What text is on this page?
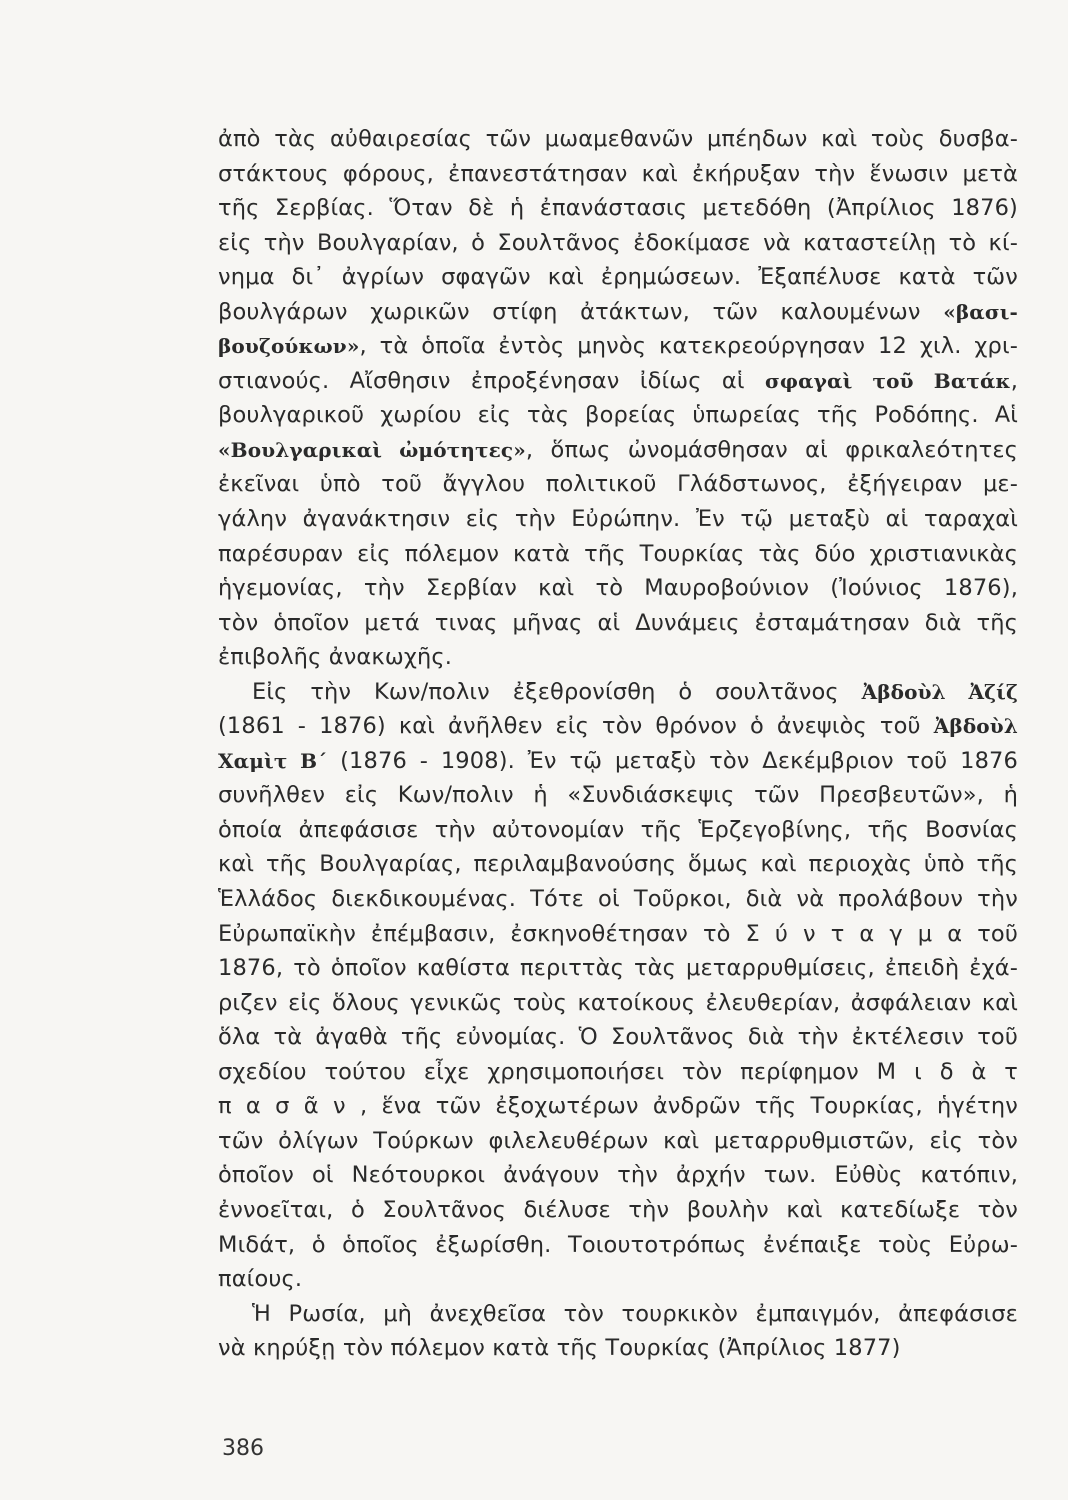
ἀπὸ τὰς αὐθαιρεσίας τῶν μωαμεθανῶν μπέηδων καὶ τοὺς δυσβα-
στάκτους φόρους, ἐπανεστάτησαν καὶ ἐκήρυξαν τὴν ἕνωσιν μετὰ
τῆς Σερβίας. Ὅταν δὲ ἡ ἐπανάστασις μετεδόθη (Ἀπρίλιος 1876)
εἰς τὴν Βουλγαρίαν, ὁ Σουλτᾶνος ἐδοκίμασε νὰ καταστείλῃ τὸ κί-
νημα δι᾽ ἀγρίων σφαγῶν καὶ ἐρημώσεων. Ἐξαπέλυσε κατὰ τῶν
βουλγάρων χωρικῶν στίφη ἀτάκτων, τῶν καλουμένων «βασι-
βουζούκων», τὰ ὁποῖα ἐντὸς μηνὸς κατεκρεούργησαν 12 χιλ. χρι-
στιανούς. Αἴσθησιν ἐπροξένησαν ἰδίως αἱ σφαγαὶ τοῦ Βατάκ,
βουλγαρικοῦ χωρίου εἰς τὰς βορείας ὑπωρείας τῆς Ροδόπης. Αἱ
«Βουλγαρικαὶ ὠμότητες», ὅπως ὠνομάσθησαν αἱ φρικαλεότητες
ἐκεῖναι ὑπὸ τοῦ ἄγγλου πολιτικοῦ Γλάδστωνος, ἐξήγειραν με-
γάλην ἀγανάκτησιν εἰς τὴν Εὐρώπην. Ἐν τῷ μεταξὺ αἱ ταραχαὶ
παρέσυραν εἰς πόλεμον κατὰ τῆς Τουρκίας τὰς δύο χριστιανικὰς
ἡγεμονίας, τὴν Σερβίαν καὶ τὸ Μαυροβούνιον (Ἰούνιος 1876),
τὸν ὁποῖον μετά τινας μῆνας αἱ Δυνάμεις ἐσταμάτησαν διὰ τῆς
ἐπιβολῆς ἀνακωχῆς.
Εἰς τὴν Κων/πολιν ἐξεθρονίσθη ὁ σουλτᾶνος Ἀβδοὺλ Ἀζίζ
(1861 - 1876) καὶ ἀνῆλθεν εἰς τὸν θρόνον ὁ ἀνεψιὸς τοῦ Ἀβδοὺλ
Χαμὶτ Β΄ (1876 - 1908). Ἐν τῷ μεταξὺ τὸν Δεκέμβριον τοῦ 1876
συνῆλθεν εἰς Κων/πολιν ἡ «Συνδιάσκεψις τῶν Πρεσβευτῶν», ἡ
ὁποία ἀπεφάσισε τὴν αὐτονομίαν τῆς Ἑρζεγοβίνης, τῆς Βοσνίας
καὶ τῆς Βουλγαρίας, περιλαμβανούσης ὅμως καὶ περιοχὰς ὑπὸ τῆς
Ἑλλάδος διεκδικουμένας. Τότε οἱ Τοῦρκοι, διὰ νὰ προλάβουν τὴν
Εὐρωπαϊκὴν ἐπέμβασιν, ἐσκηνοθέτησαν τὸ Σ ύ ν τ α γ μ α τοῦ
1876, τὸ ὁποῖον καθίστα περιττὰς τὰς μεταρρυθμίσεις, ἐπειδὴ ἐχά-
ριζεν εἰς ὅλους γενικῶς τοὺς κατοίκους ἐλευθερίαν, ἀσφάλειαν καὶ
ὅλα τὰ ἀγαθὰ τῆς εὐνομίας. Ὁ Σουλτᾶνος διὰ τὴν ἐκτέλεσιν τοῦ
σχεδίου τούτου εἶχε χρησιμοποιήσει τὸν περίφημον Μ ι δ ὰ τ
π α σ ᾶ ν , ἕνα τῶν ἐξοχωτέρων ἀνδρῶν τῆς Τουρκίας, ἡγέτην
τῶν ὀλίγων Τούρκων φιλελευθέρων καὶ μεταρρυθμιστῶν, εἰς τὸν
ὁποῖον οἱ Νεότουρκοι ἀνάγουν τὴν ἀρχήν των. Εὐθὺς κατόπιν,
ἐννοεῖται, ὁ Σουλτᾶνος διέλυσε τὴν βουλὴν καὶ κατεδίωξε τὸν
Μιδάτ, ὁ ὁποῖος ἐξωρίσθη. Τοιουτοτρόπως ἐνέπαιξε τοὺς Εὐρω-
παίους.
Ἡ Ρωσία, μὴ ἀνεχθεῖσα τὸν τουρκικὸν ἐμπαιγμόν, ἀπεφάσισε
νὰ κηρύξῃ τὸν πόλεμον κατὰ τῆς Τουρκίας (Ἀπρίλιος 1877)
386
